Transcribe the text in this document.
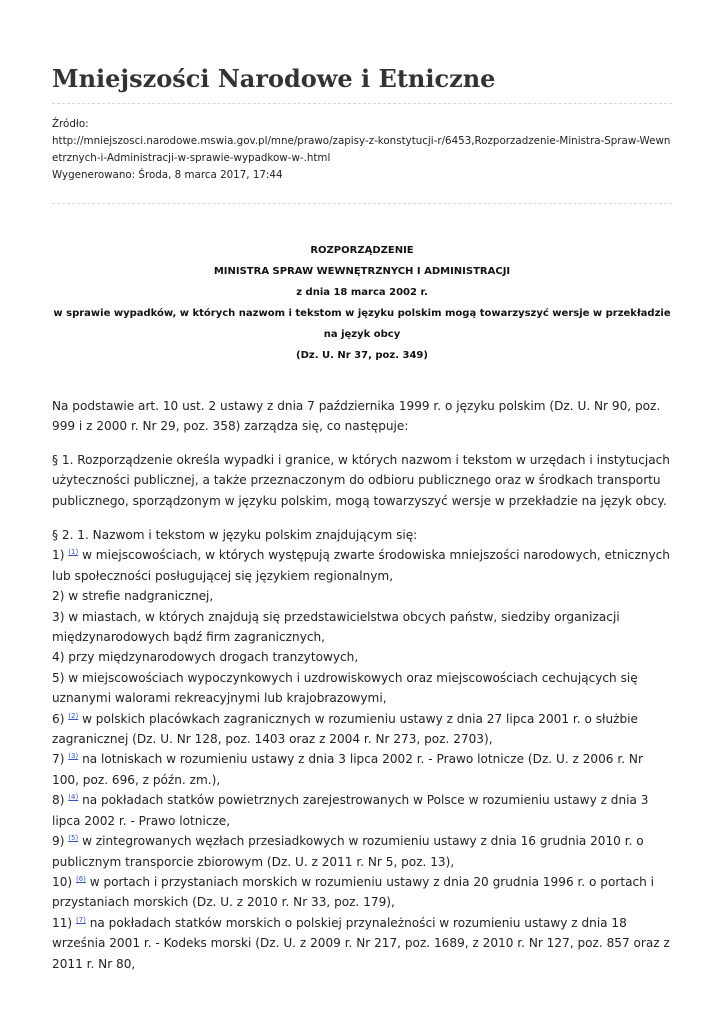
Mniejszości Narodowe i Etniczne
Źródło:
http://mniejszosci.narodowe.mswia.gov.pl/mne/prawo/zapisy-z-konstytucji-r/6453,Rozporzadzenie-Ministra-Spraw-Wewnetrznych-i-Administracji-w-sprawie-wypadkow-w-.html
Wygenerowano: Środa, 8 marca 2017, 17:44
ROZPORZĄDZENIE
MINISTRA SPRAW WEWNĘTRZNYCH I ADMINISTRACJI
z dnia 18 marca 2002 r.
w sprawie wypadków, w których nazwom i tekstom w języku polskim mogą towarzyszyć wersje w przekładzie na język obcy
(Dz. U. Nr 37, poz. 349)

Na podstawie art. 10 ust. 2 ustawy z dnia 7 października 1999 r. o języku polskim (Dz. U. Nr 90, poz. 999 i z 2000 r. Nr 29, poz. 358) zarządza się, co następuje:

§ 1. Rozporządzenie określa wypadki i granice, w których nazwom i tekstom w urzędach i instytucjach użyteczności publicznej, a także przeznaczonym do odbioru publicznego oraz w środkach transportu publicznego, sporządzonym w języku polskim, mogą towarzyszyć wersje w przekładzie na język obcy.

§ 2. 1. Nazwom i tekstom w języku polskim znajdującym się:

1) $^{(1)}$ w miejscowościach, w których występują zwarte środowiska mniejszości narodowych, etnicznych lub społeczności posługującej się językiem regionalnym,

2) w strefie nadgranicznej,

3) w miastach, w których znajdują się przedstawicielstwa obcych państw, siedziby organizacji międzynarodowych bądź firm zagranicznych,

4) przy międzynarodowych drogach tranzytowych,

5) w miejscowościach wypoczynkowych i uzdrowiskowych oraz miejscowościach cechujących się uznanymi walorami rekreacyjnymi lub krajobrazowymi,

6) $^{(2)}$ w polskich placówkach zagranicznych w rozumieniu ustawy z dnia 27 lipca 2001 r. o służbie zagranicznej (Dz. U. Nr 128, poz. 1403 oraz z 2004 r. Nr 273, poz. 2703),

7) $^{(3)}$ na lotniskach w rozumieniu ustawy z dnia 3 lipca 2002 r. - Prawo lotnicze (Dz. U. z 2006 r. Nr 100, poz. 696, z późn. zm.),

8) $^{(4)}$ na pokładach statków powietrznych zarejestrowanych w Polsce w rozumieniu ustawy z dnia 3 lipca 2002 r. - Prawo lotnicze,

9) $^{(5)}$ w zintegrowanych węzłach przesiadkowych w rozumieniu ustawy z dnia 16 grudnia 2010 r. o publicznym transporcie zbiorowym (Dz. U. z 2011 r. Nr 5, poz. 13),

10) $^{(6)}$ w portach i przystaniach morskich w rozumieniu ustawy z dnia 20 grudnia 1996 r. o portach i przystaniach morskich (Dz. U. z 2010 r. Nr 33, poz. 179),

11) $^{(7)}$ na pokładach statków morskich o polskiej przynależności w rozumieniu ustawy z dnia 18 września 2001 r. - Kodeks morski (Dz. U. z 2009 r. Nr 217, poz. 1689, z 2010 r. Nr 127, poz. 857 oraz z 2011 r. Nr 80,
